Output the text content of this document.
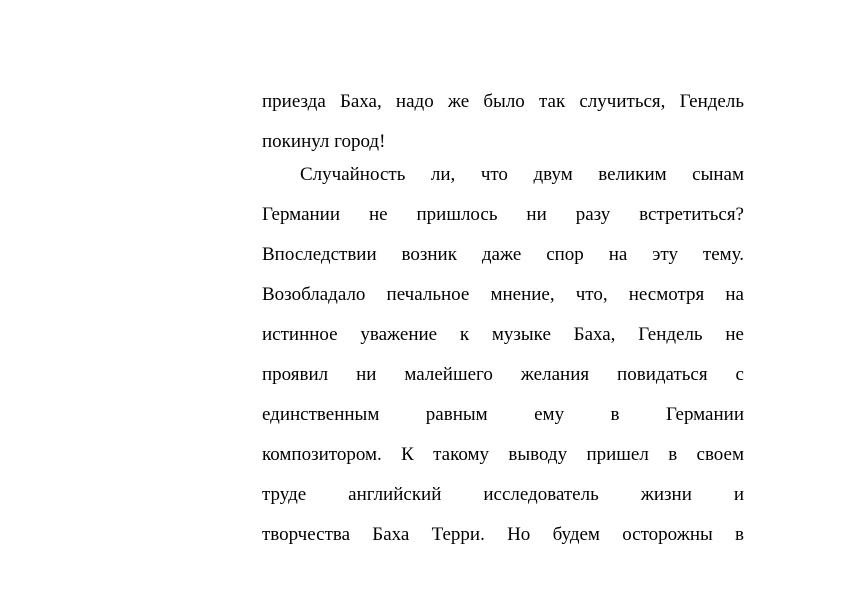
приезда Баха, надо же было так случиться, Гендель
покинул город!
Случайность ли, что двум великим сынам
Германии не пришлось ни разу встретиться?
Впоследствии возник даже спор на эту тему.
Возобладало печальное мнение, что, несмотря на
истинное уважение к музыке Баха, Гендель не
проявил ни малейшего желания повидаться с
единственным равным ему в Германии
композитором. К такому выводу пришел в своем
труде английский исследователь жизни и
творчества Баха Терри. Но будем осторожны в
